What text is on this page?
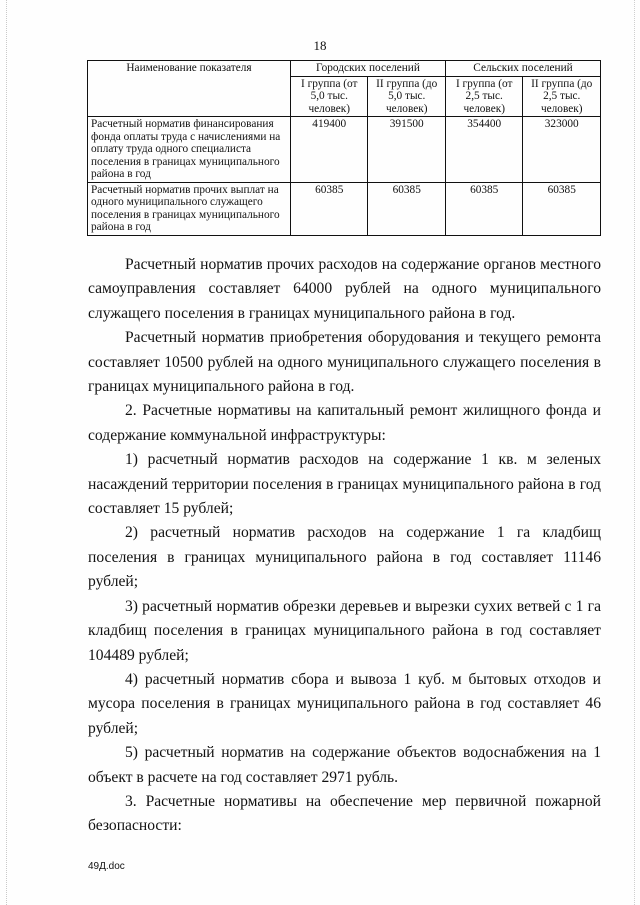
18
Наименование показателя	Городских поселений		Сельских поселений	
	I группа (от 5,0 тыс. человек)	II группа (до 5,0 тыс. человек)	I группа (от 2,5 тыс. человек)	II группа (до 2,5 тыс. человек)
Расчетный норматив финансирования фонда оплаты труда с начислениями на оплату труда одного специалиста поселения в границах муниципального района в год	419400	391500	354400	323000
Расчетный норматив прочих выплат на одного муниципального служащего поселения в границах муниципального района в год	60385	60385	60385	60385

Расчетный норматив прочих расходов на содержание органов местного самоуправления составляет 64000 рублей на одного муниципального служащего поселения в границах муниципального района в год.

Расчетный норматив приобретения оборудования и текущего ремонта составляет 10500 рублей на одного муниципального служащего поселения в границах муниципального района в год.

2. Расчетные нормативы на капитальный ремонт жилищного фонда и содержание коммунальной инфраструктуры:

1) расчетный норматив расходов на содержание 1 кв. м зеленых насаждений территории поселения в границах муниципального района в год составляет 15 рублей;

2) расчетный норматив расходов на содержание 1 га кладбищ поселения в границах муниципального района в год составляет 11146 рублей;

3) расчетный норматив обрезки деревьев и вырезки сухих ветвей с 1 га кладбищ поселения в границах муниципального района в год составляет 104489 рублей;

4) расчетный норматив сбора и вывоза 1 куб. м бытовых отходов и мусора поселения в границах муниципального района в год составляет 46 рублей;

5) расчетный норматив на содержание объектов водоснабжения на 1 объект в расчете на год составляет 2971 рубль.

3. Расчетные нормативы на обеспечение мер первичной пожарной безопасности:

49Д.doc
